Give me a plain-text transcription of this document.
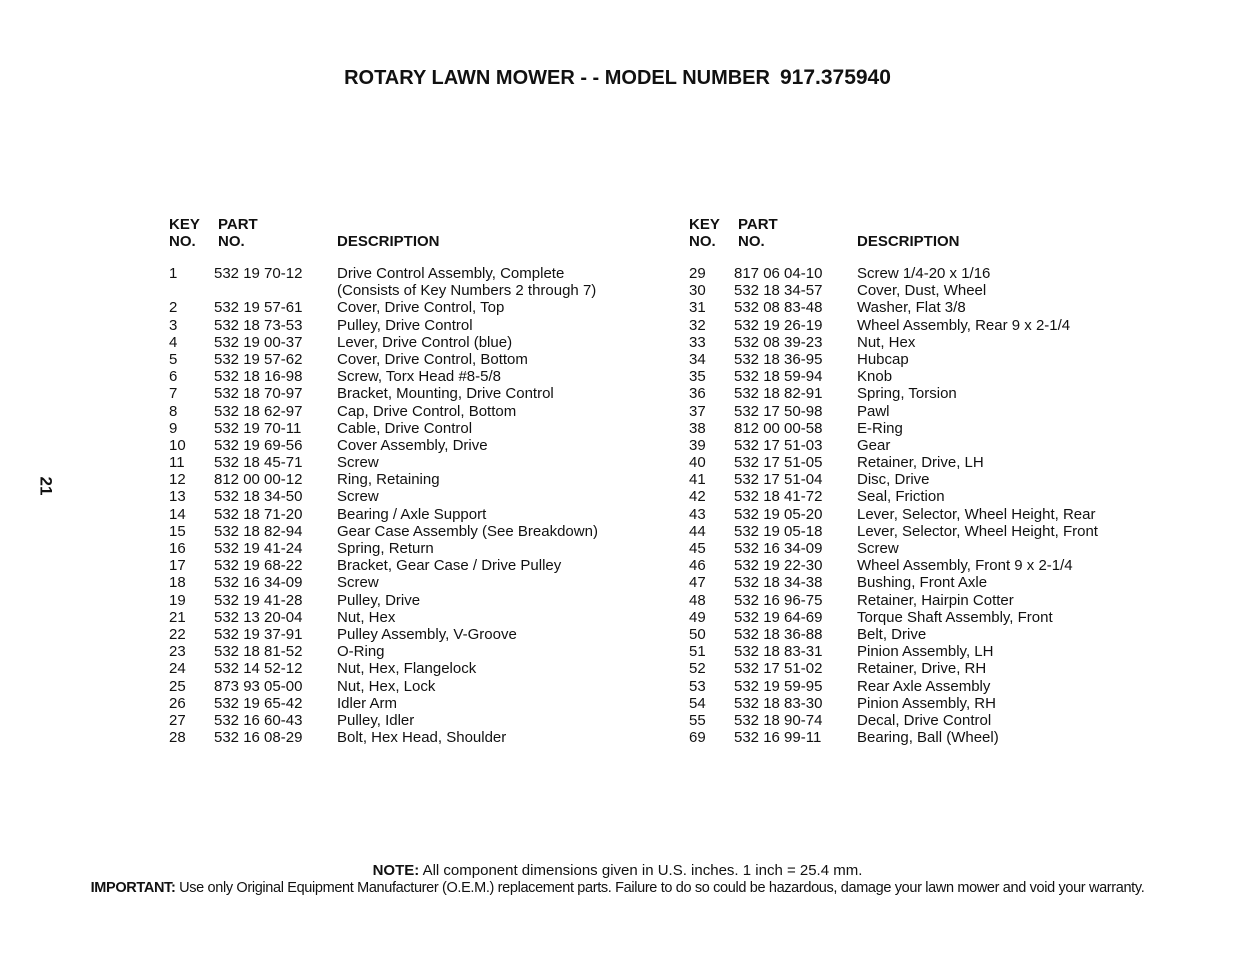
ROTARY LAWN MOWER - - MODEL NUMBER 917.375940
21
KEY
NO.
PART
NO.	DESCRIPTION
1 532 19 70-12 Drive Control Assembly, Complete
(Consists of Key Numbers 2 through 7)
2 532 19 57-61 Cover, Drive Control, Top
3 532 18 73-53 Pulley, Drive Control
4 532 19 00-37 Lever, Drive Control (blue)
5 532 19 57-62 Cover, Drive Control, Bottom
6 532 18 16-98 Screw, Torx Head #8-5/8
7 532 18 70-97 Bracket, Mounting, Drive Control
8 532 18 62-97 Cap, Drive Control, Bottom
9 532 19 70-11 Cable, Drive Control
10 532 19 69-56 Cover Assembly, Drive
11 532 18 45-71 Screw
12 812 00 00-12 Ring, Retaining
13 532 18 34-50 Screw
14 532 18 71-20 Bearing / Axle Support
15 532 18 82-94 Gear Case Assembly (See Breakdown)
16 532 19 41-24 Spring, Return
17 532 19 68-22 Bracket, Gear Case / Drive Pulley
18 532 16 34-09 Screw
19 532 19 41-28 Pulley, Drive
21 532 13 20-04 Nut, Hex
22 532 19 37-91 Pulley Assembly, V-Groove
23 532 18 81-52 O-Ring
24 532 14 52-12 Nut, Hex, Flangelock
25 873 93 05-00 Nut, Hex, Lock
26 532 19 65-42 Idler Arm
27 532 16 60-43 Pulley, Idler
28 532 16 08-29 Bolt, Hex Head, Shoulder
KEY
NO.
PART
NO.	DESCRIPTION
29 817 06 04-10 Screw 1/4-20 x 1/16
30 532 18 34-57 Cover, Dust, Wheel
31 532 08 83-48 Washer, Flat 3/8
32 532 19 26-19 Wheel Assembly, Rear 9 x 2-1/4
33 532 08 39-23 Nut, Hex
34 532 18 36-95 Hubcap
35 532 18 59-94 Knob
36 532 18 82-91 Spring, Torsion
37 532 17 50-98 Pawl
38 812 00 00-58 E-Ring
39 532 17 51-03 Gear
40 532 17 51-05 Retainer, Drive, LH
41 532 17 51-04 Disc, Drive
42 532 18 41-72 Seal, Friction
43 532 19 05-20 Lever, Selector, Wheel Height, Rear
44 532 19 05-18 Lever, Selector, Wheel Height, Front
45 532 16 34-09 Screw
46 532 19 22-30 Wheel Assembly, Front 9 x 2-1/4
47 532 18 34-38 Bushing, Front Axle
48 532 16 96-75 Retainer, Hairpin Cotter
49 532 19 64-69 Torque Shaft Assembly, Front
50 532 18 36-88 Belt, Drive
51 532 18 83-31 Pinion Assembly, LH
52 532 17 51-02 Retainer, Drive, RH
53 532 19 59-95 Rear Axle Assembly
54 532 18 83-30 Pinion Assembly, RH
55 532 18 90-74 Decal, Drive Control
69 532 16 99-11 Bearing, Ball (Wheel)
NOTE: All component dimensions given in U.S. inches. 1 inch = 25.4 mm.
IMPORTANT: Use only Original Equipment Manufacturer (O.E.M.) replacement parts. Failure to do so could be hazardous, damage your lawn mower and void your warranty.
